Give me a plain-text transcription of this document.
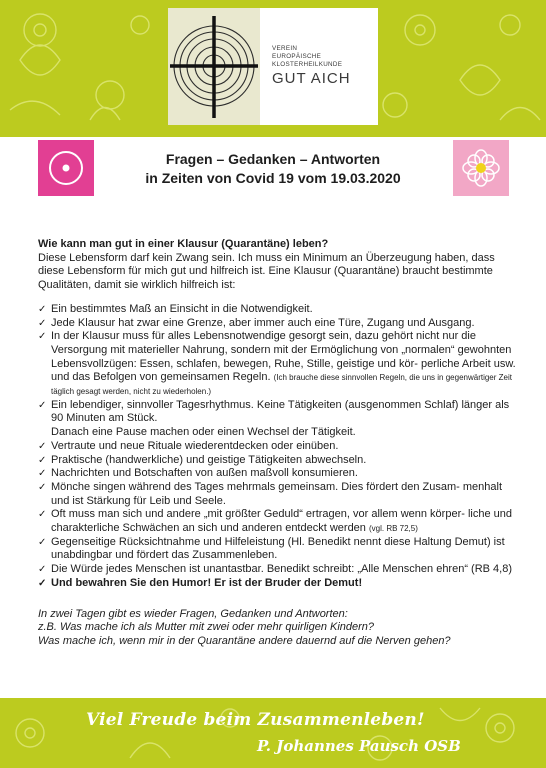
VEREIN
EUROPÄISCHE
KLOSTERHEILKUNDE
GUT AICH
Fragen – Gedanken – Antworten
in Zeiten von Covid 19 vom 19.03.2020

Wie kann man gut in einer Klausur (Quarantäne) leben?

Diese Lebensform darf kein Zwang sein. Ich muss ein Minimum an Überzeugung haben, dass diese Lebensform für mich gut und hilfreich ist. Eine Klausur (Quarantäne) braucht bestimmte Qualitäten, damit sie wirklich hilfreich ist:

✓ Ein bestimmtes Maß an Einsicht in die Notwendigkeit.
✓ Jede Klausur hat zwar eine Grenze, aber immer auch eine Türe, Zugang und Ausgang.
✓ In der Klausur muss für alles Lebensnotwendige gesorgt sein, dazu gehört nicht nur die Versorgung mit materieller Nahrung, sondern mit der Ermöglichung von „normalen“ gewohnten Lebensvollzügen: Essen, schlafen, bewegen, Ruhe, Stille, geistige und kör- perliche Arbeit usw. und das Befolgen von gemeinsamen Regeln. (Ich brauche diese sinnvollen Regeln, die uns in gegenwärtiger Zeit täglich gesagt werden, nicht zu wiederholen.)
✓ Ein lebendiger, sinnvoller Tagesrhythmus. Keine Tätigkeiten (ausgenommen Schlaf) länger als 90 Minuten am Stück.
Danach eine Pause machen oder einen Wechsel der Tätigkeit.
✓ Vertraute und neue Rituale wiederentdecken oder einüben.
✓ Praktische (handwerkliche) und geistige Tätigkeiten abwechseln.
✓ Nachrichten und Botschaften von außen maßvoll konsumieren.
✓ Mönche singen während des Tages mehrmals gemeinsam. Dies fördert den Zusam- menhalt und ist Stärkung für Leib und Seele.
✓ Oft muss man sich und andere „mit größter Geduld“ ertragen, vor allem wenn körper- liche und charakterliche Schwächen an sich und anderen entdeckt werden (vgl. RB 72,5)
✓ Gegenseitige Rücksichtnahme und Hilfeleistung (Hl. Benedikt nennt diese Haltung Demut) ist unabdingbar und fördert das Zusammenleben.
✓ Die Würde jedes Menschen ist unantastbar. Benedikt schreibt: „Alle Menschen ehren“ (RB 4,8)
✓ Und bewahren Sie den Humor! Er ist der Bruder der Demut!
In zwei Tagen gibt es wieder Fragen, Gedanken und Antworten:
z.B. Was mache ich als Mutter mit zwei oder mehr quirligen Kindern?
Was mache ich, wenn mir in der Quarantäne andere dauernd auf die Nerven gehen?
Viel Freude beim Zusammenleben!
P. Johannes Pausch OSB
